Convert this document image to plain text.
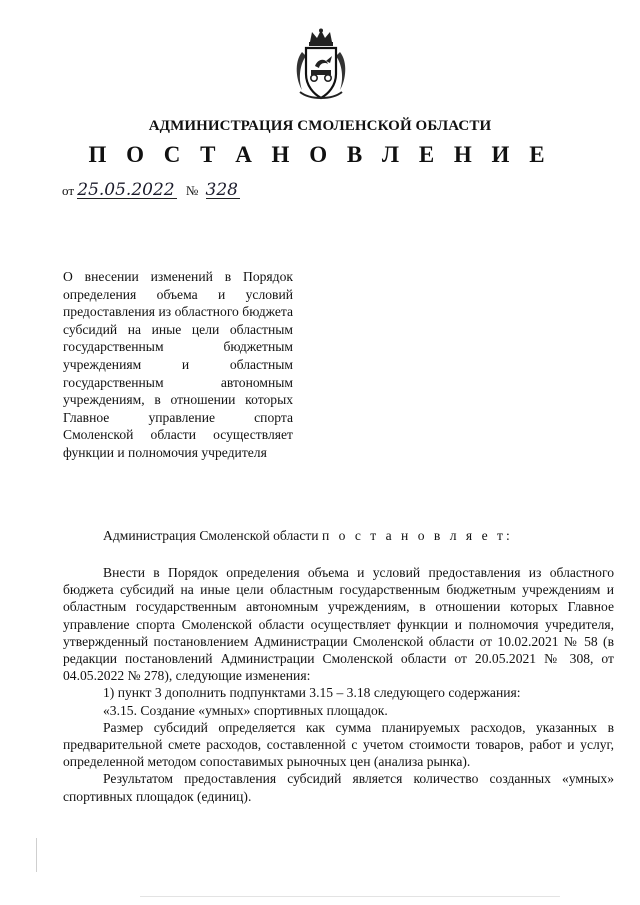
АДМИНИСТРАЦИЯ СМОЛЕНСКОЙ ОБЛАСТИ
П О С Т А Н О В Л Е Н И Е
от 25.05.2022 № 328
О внесении изменений в Порядок определения объема и условий предоставления из областного бюджета субсидий на иные цели областным государственным бюджетным учреждениям и областным государственным автономным учреждениям, в отношении которых Главное управление спорта Смоленской области осуществляет функции и полномочия учредителя
Администрация Смоленской области п о с т а н о в л я е т:

Внести в Порядок определения объема и условий предоставления из областного бюджета субсидий на иные цели областным государственным бюджетным учреждениям и областным государственным автономным учреждениям, в отношении которых Главное управление спорта Смоленской области осуществляет функции и полномочия учредителя, утвержденный постановлением Администрации Смоленской области от 10.02.2021 № 58 (в редакции постановлений Администрации Смоленской области от 20.05.2021 № 308, от 04.05.2022 № 278), следующие изменения:

1) пункт 3 дополнить подпунктами 3.15 – 3.18 следующего содержания:

«3.15. Создание «умных» спортивных площадок.

Размер субсидий определяется как сумма планируемых расходов, указанных в предварительной смете расходов, составленной с учетом стоимости товаров, работ и услуг, определенной методом сопоставимых рыночных цен (анализа рынка).

Результатом предоставления субсидий является количество созданных «умных» спортивных площадок (единиц).
